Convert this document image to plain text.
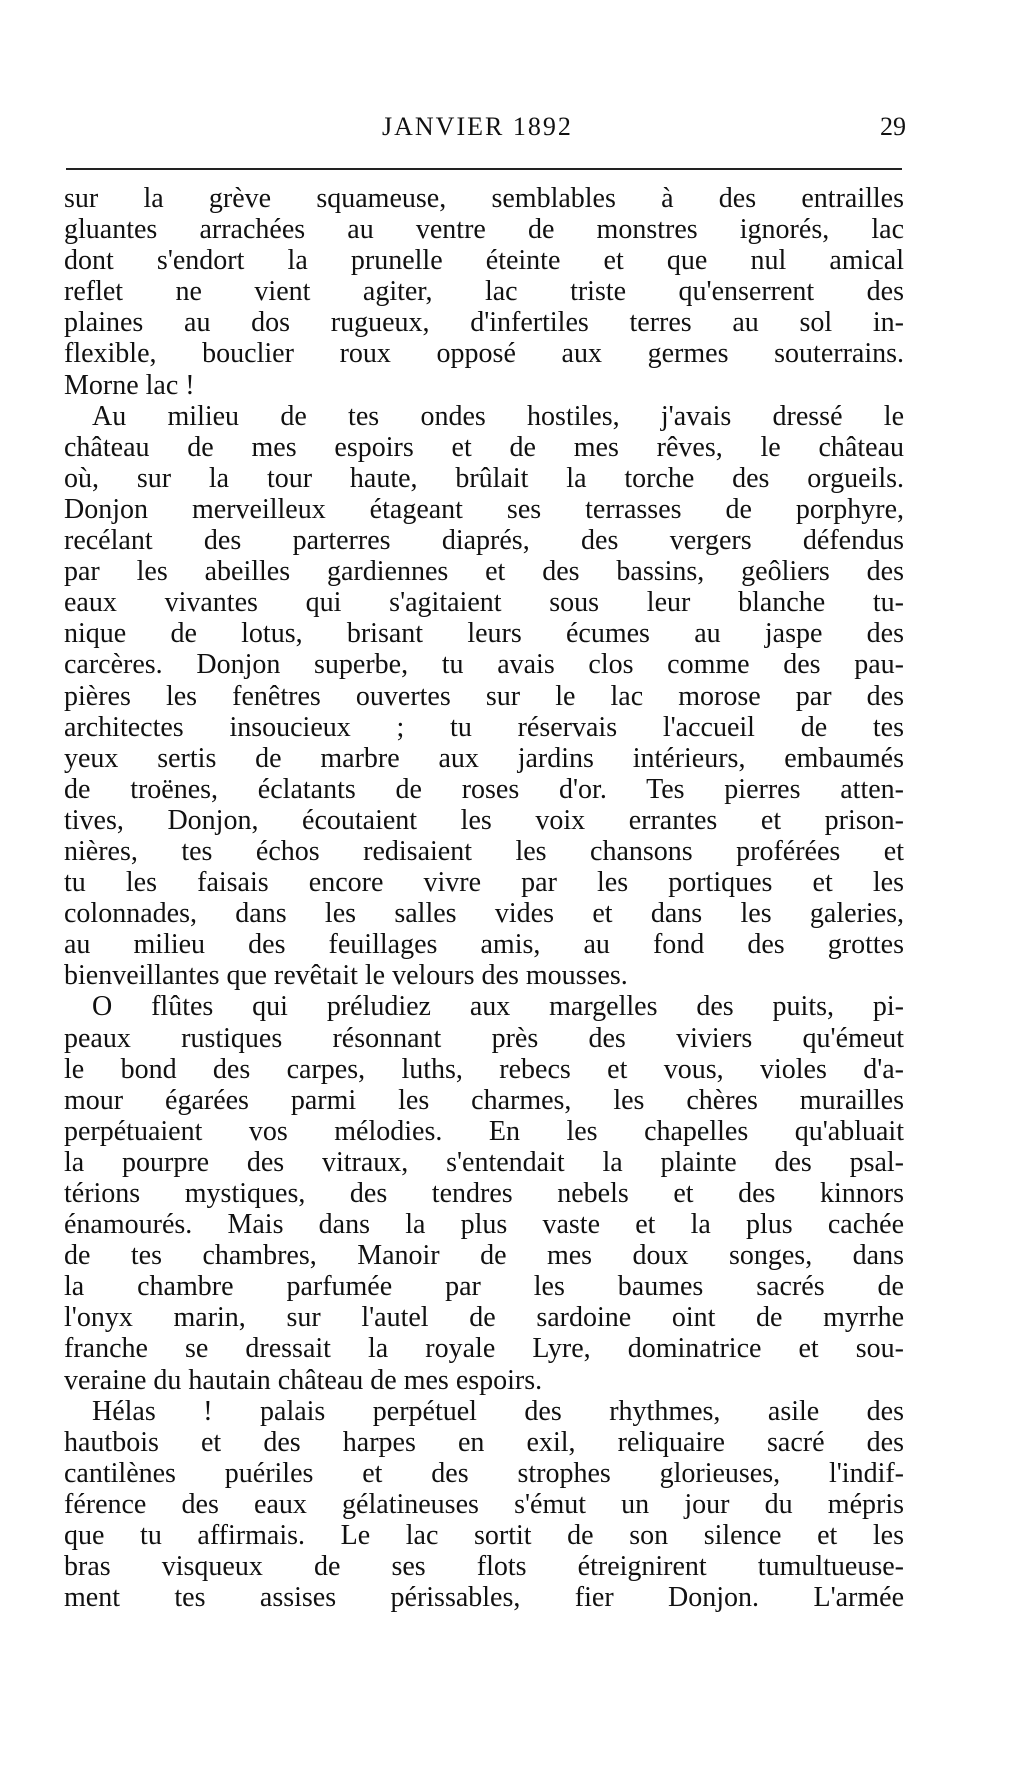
JANVIER 1892	29
sur la grève squameuse, semblables à des entrailles
gluantes arrachées au ventre de monstres ignorés, lac
dont s'endort la prunelle éteinte et que nul amical
reflet ne vient agiter, lac triste qu'enserrent des
plaines au dos rugueux, d'infertiles terres au sol in-
flexible, bouclier roux opposé aux germes souterrains.
Morne lac !
Au milieu de tes ondes hostiles, j'avais dressé le
château de mes espoirs et de mes rêves, le château
où, sur la tour haute, brûlait la torche des orgueils.
Donjon merveilleux étageant ses terrasses de porphyre,
recélant des parterres diaprés, des vergers défendus
par les abeilles gardiennes et des bassins, geôliers des
eaux vivantes qui s'agitaient sous leur blanche tu-
nique de lotus, brisant leurs écumes au jaspe des
carcères. Donjon superbe, tu avais clos comme des pau-
pières les fenêtres ouvertes sur le lac morose par des
architectes insoucieux ; tu réservais l'accueil de tes
yeux sertis de marbre aux jardins intérieurs, embaumés
de troënes, éclatants de roses d'or. Tes pierres atten-
tives, Donjon, écoutaient les voix errantes et prison-
nières, tes échos redisaient les chansons proférées et
tu les faisais encore vivre par les portiques et les
colonnades, dans les salles vides et dans les galeries,
au milieu des feuillages amis, au fond des grottes
bienveillantes que revêtait le velours des mousses.
O flûtes qui préludiez aux margelles des puits, pi-
peaux rustiques résonnant près des viviers qu'émeut
le bond des carpes, luths, rebecs et vous, violes d'a-
mour égarées parmi les charmes, les chères murailles
perpétuaient vos mélodies. En les chapelles qu'abluait
la pourpre des vitraux, s'entendait la plainte des psal-
térions mystiques, des tendres nebels et des kinnors
énamourés. Mais dans la plus vaste et la plus cachée
de tes chambres, Manoir de mes doux songes, dans
la chambre parfumée par les baumes sacrés de
l'onyx marin, sur l'autel de sardoine oint de myrrhe
franche se dressait la royale Lyre, dominatrice et sou-
veraine du hautain château de mes espoirs.
Hélas ! palais perpétuel des rhythmes, asile des
hautbois et des harpes en exil, reliquaire sacré des
cantilènes puériles et des strophes glorieuses, l'indif-
férence des eaux gélatineuses s'émut un jour du mépris
que tu affirmais. Le lac sortit de son silence et les
bras visqueux de ses flots étreignirent tumultueuse-
ment tes assises périssables, fier Donjon. L'armée
